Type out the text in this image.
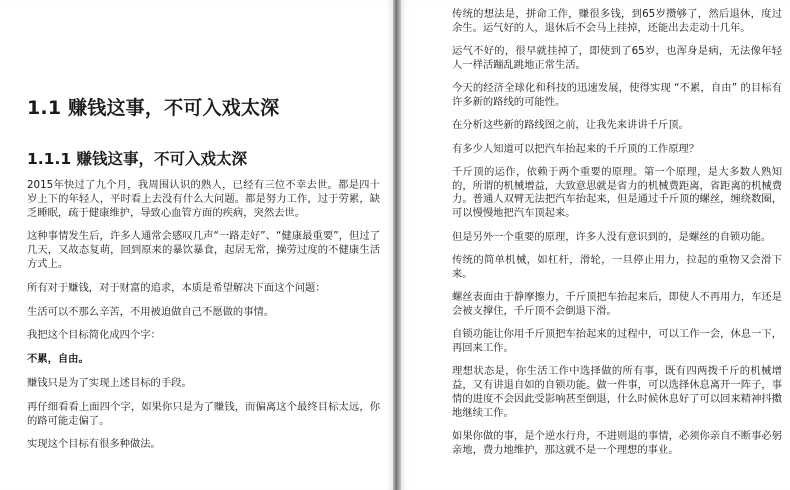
1.1 赚钱这事，不可入戏太深
1.1.1 赚钱这事，不可入戏太深

2015年快过了九个月，我周围认识的熟人，已经有三位不幸去世。都是四十岁上下的年轻人，平时看上去没有什么大问题。都是努力工作，过于劳累，缺乏睡眠，疏于健康维护，导致心血管方面的疾病，突然去世。

这种事情发生后，许多人通常会感叹几声“一路走好”、“健康最重要”，但过了几天，又故态复萌，回到原来的暴饮暴食，起居无常，操劳过度的不健康生活方式上。

所有对于赚钱，对于财富的追求，本质是希望解决下面这个问题：

生活可以不那么辛苦，不用被迫做自己不愿做的事情。

我把这个目标简化成四个字：

不累，自由。

赚钱只是为了实现上述目标的手段。

再仔细看看上面四个字，如果你只是为了赚钱，而偏离这个最终目标太远，你的路可能走偏了。

实现这个目标有很多种做法。

传统的想法是，拼命工作，赚很多钱，到65岁攒够了，然后退休，度过余生。运气好的人，退休后不会马上挂掉，还能出去走动十几年。

运气不好的，很早就挂掉了，即使到了65岁，也浑身是病，无法像年轻人一样活蹦乱跳地正常生活。

今天的经济全球化和科技的迅速发展，使得实现 “不累，自由” 的目标有许多新的路线的可能性。

在分析这些新的路线图之前，让我先来讲讲千斤顶。

有多少人知道可以把汽车抬起来的千斤顶的工作原理？

千斤顶的运作，依赖于两个重要的原理。第一个原理，是大多数人熟知的，所谓的机械增益，大致意思就是省力的机械费距离，省距离的机械费力。普通人双臂无法把汽车抬起来，但是通过千斤顶的螺丝，缠绕数圈，可以慢慢地把汽车顶起来。

但是另外一个重要的原理，许多人没有意识到的，是螺丝的自锁功能。

传统的简单机械，如杠杆，滑轮，一旦停止用力，拉起的重物又会滑下来。

螺丝表面由于静摩擦力，千斤顶把车抬起来后，即使人不再用力，车还是会被支撑住，千斤顶不会倒退下滑。

自锁功能让你用千斤顶把车抬起来的过程中，可以工作一会，休息一下，再回来工作。

理想状态是，你生活工作中选择做的所有事，既有四两拨千斤的机械增益，又有讲退自如的自锁功能。做一件事，可以选择休息离开一阵子，事情的进度不会因此受影响甚至倒退，什么时候休息好了可以回来精神抖擞地继续工作。

如果你做的事，是个逆水行舟，不进则退的事情，必须你亲自不断事必躬亲地，费力地维护，那这就不是一个理想的事业。
